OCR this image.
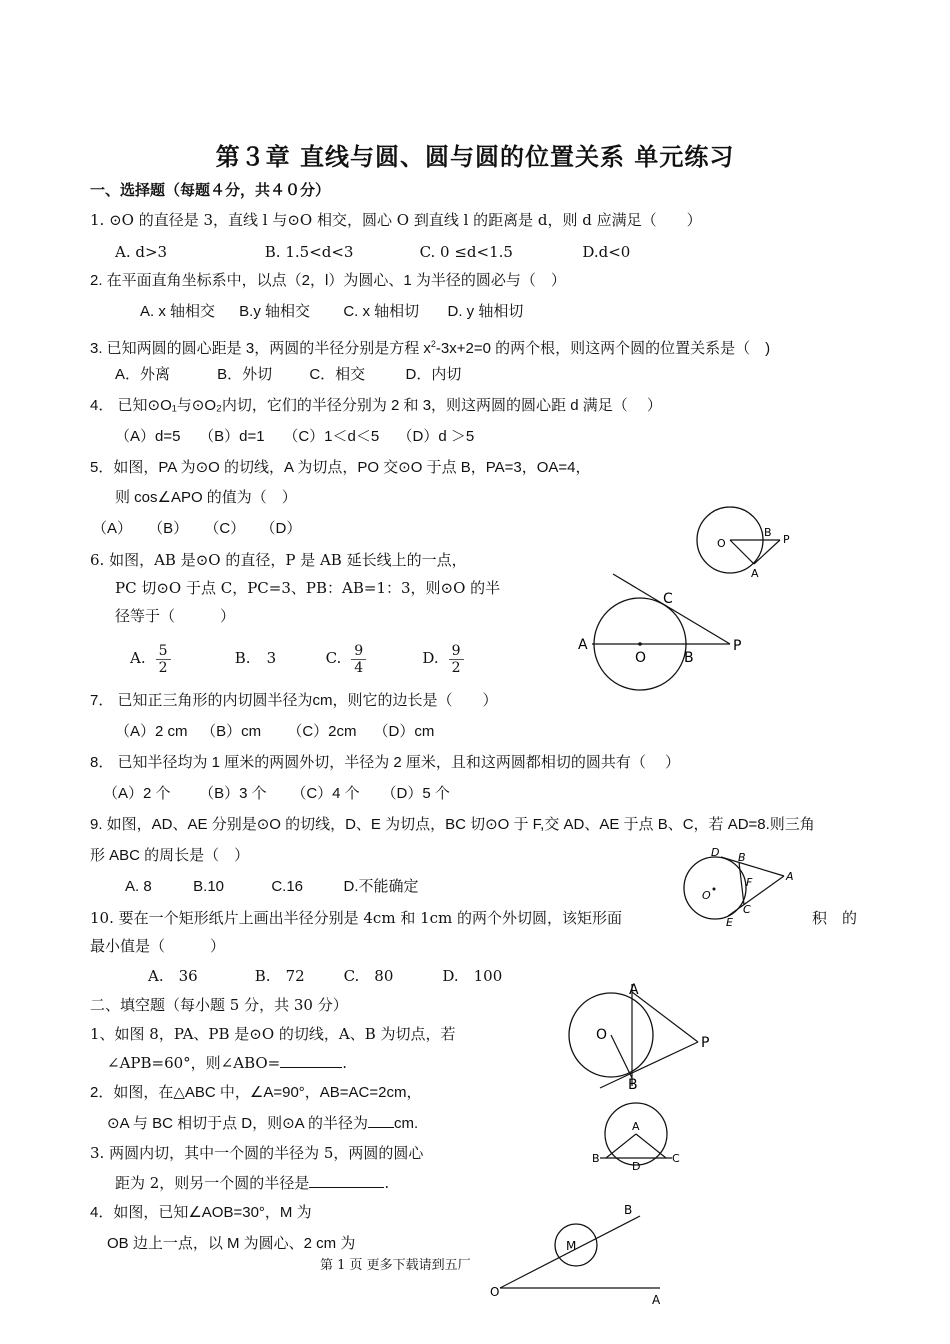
第３章 直线与圆、圆与圆的位置关系 单元练习
一、选择题（每题４分，共４０分）
1. ⊙O 的直径是 3，直线 l 与⊙O 相交，圆心 O 到直线 l 的距离是 d，则 d 应满足（　　）
A. d>3	B. 1.5<d<3	C. 0 ≤d<1.5	D.d<0
2. 在平面直角坐标系中，以点（2，l）为圆心、1 为半径的圆必与（　）
A. x 轴相交 B.y 轴相交 C. x 轴相切 D. y 轴相切
3. 已知两圆的圆心距是 3，两圆的半径分别是方程 $x^2-3x+2=0$ 的两个根，则这两个圆的位置关系是（　)
A．外离	B．外切 C．相交	D．内切
4． 已知⊙O₁与⊙O₂内切，它们的半径分别为 2 和 3，则这两圆的圆心距 d 满足（　 ）
（A）d=5 （B）d=1 （C）1＜d＜5 （D）d ＞5
5．如图，PA 为⊙O 的切线，A 为切点，PO 交⊙O 于点 B，PA=3，OA=4，
则 cos∠APO 的值为（　）
（A） （B） （C） （D）
O
B
P
A
6. 如图，AB 是⊙O 的直径，P 是 AB 延长线上的一点，
PC 切⊙O 于点 C，PC=3、PB：AB=1：3，则⊙O 的半
径等于（　　　）
A. $\frac{5}{2}$	B. 3	C. $\frac{9}{4}$	D. $\frac{9}{2}$
C
A
O	B
P
7． 已知正三角形的内切圆半径为cm，则它的边长是（　　）
（A）2 cm （B）cm （C）2cm （D）cm
8． 已知半径均为 1 厘米的两圆外切，半径为 2 厘米，且和这两圆都相切的圆共有（　 ）
（A）2 个 （B）3 个 （C）4 个 （D）5 个
9. 如图，AD、AE 分别是⊙O 的切线，D、E 为切点，BC 切⊙O 于 F,交 AD、AE 于点 B、C，若 AD=8.则三角
形 ABC 的周长是（　）
A. 8	B.10	C.16	D.不能确定
D B
F	A
O
C
E
10. 要在一个矩形纸片上画出半径分别是 4cm 和 1cm 的两个外切圆，该矩形面	积　的
最小值是（　　　）
A.　36	B.　72	C.　80	D.　100
二、填空题（每小题 5 分，共 30 分）
1、如图 8，PA、PB 是⊙O 的切线，A、B 为切点，若
∠APB=60°，则∠ABO=	.
A
O	P
B
2．如图，在△ABC 中，∠A=90°，AB=AC=2cm，
⊙A 与 BC 相切于点 D，则⊙A 的半径为 cm.	A
B
D
C
3. 两圆内切，其中一个圆的半径为 5，两圆的圆心
距为 2，则另一个圆的半径是	.
4．如图，已知∠AOB=30°，M 为
OB 边上一点，以 M 为圆心、2 cm 为
第 1 页 更多下载请到五厂
B
M
O
A
